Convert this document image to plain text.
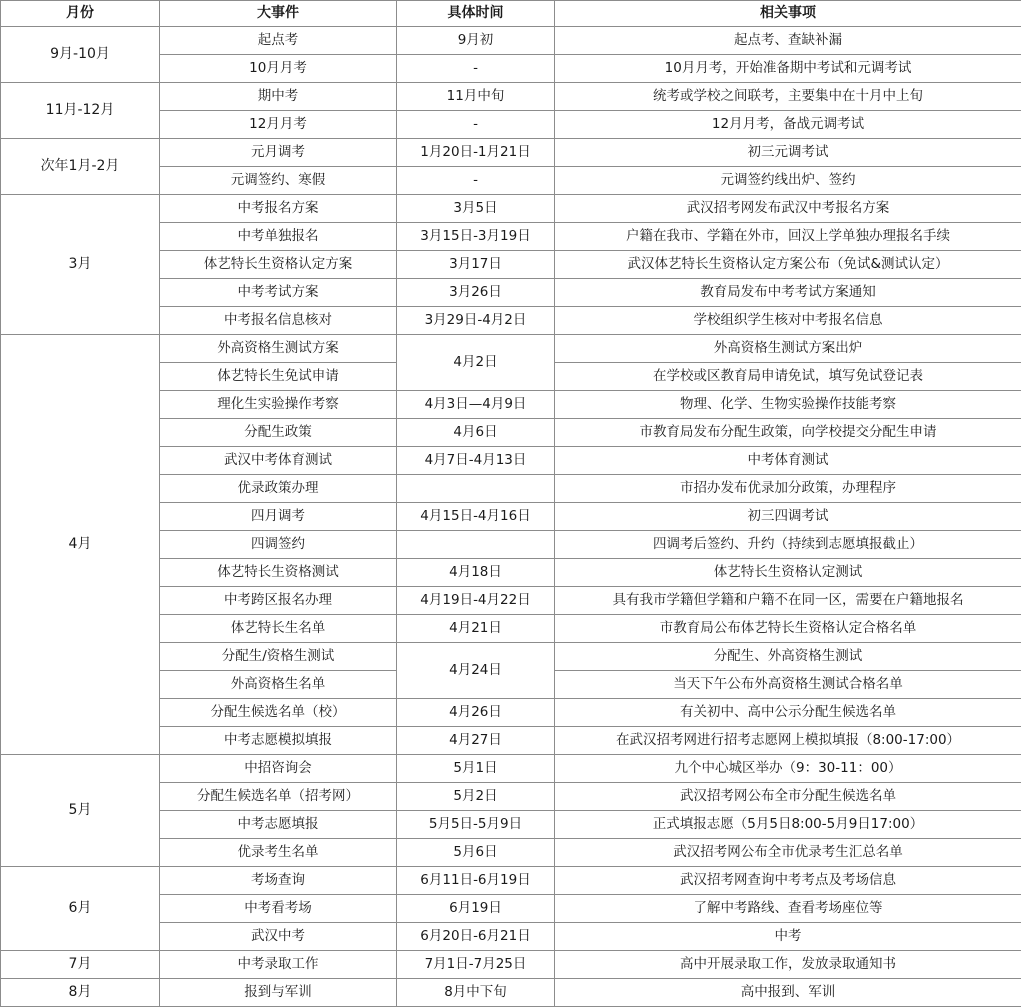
月份	大事件	具体时间	相关事项
9月-10月	起点考	9月初	起点考、查缺补漏
	10月月考	-	10月月考，开始准备期中考试和元调考试
11月-12月	期中考	11月中旬	统考或学校之间联考，主要集中在十月中上旬
	12月月考	-	12月月考，备战元调考试
次年1月-2月	元月调考	1月20日-1月21日	初三元调考试
	元调签约、寒假	-	元调签约线出炉、签约
3月	中考报名方案	3月5日	武汉招考网发布武汉中考报名方案
	中考单独报名	3月15日-3月19日	户籍在我市、学籍在外市，回汉上学单独办理报名手续
	体艺特长生资格认定方案	3月17日	武汉体艺特长生资格认定方案公布（免试&测试认定）
	中考考试方案	3月26日	教育局发布中考考试方案通知
	中考报名信息核对	3月29日-4月2日	学校组织学生核对中考报名信息
4月	外高资格生测试方案	4月2日	外高资格生测试方案出炉
	体艺特长生免试申请		在学校或区教育局申请免试，填写免试登记表
	理化生实验操作考察	4月3日—4月9日	物理、化学、生物实验操作技能考察
	分配生政策	4月6日	市教育局发布分配生政策，向学校提交分配生申请
	武汉中考体育测试	4月7日-4月13日	中考体育测试
	优录政策办理		市招办发布优录加分政策，办理程序
	四月调考	4月15日-4月16日	初三四调考试
	四调签约		四调考后签约、升约（持续到志愿填报截止）
	体艺特长生资格测试	4月18日	体艺特长生资格认定测试
	中考跨区报名办理	4月19日-4月22日	具有我市学籍但学籍和户籍不在同一区，需要在户籍地报名
	体艺特长生名单	4月21日	市教育局公布体艺特长生资格认定合格名单
	分配生/资格生测试	4月24日	分配生、外高资格生测试
	外高资格生名单		当天下午公布外高资格生测试合格名单
	分配生候选名单（校）	4月26日	有关初中、高中公示分配生候选名单
	中考志愿模拟填报	4月27日	在武汉招考网进行招考志愿网上模拟填报（8:00-17:00）
5月	中招咨询会	5月1日	九个中心城区举办（9：30-11：00）
	分配生候选名单（招考网）	5月2日	武汉招考网公布全市分配生候选名单
	中考志愿填报	5月5日-5月9日	正式填报志愿（5月5日8:00-5月9日17:00）
	优录考生名单	5月6日	武汉招考网公布全市优录考生汇总名单
6月	考场查询	6月11日-6月19日	武汉招考网查询中考考点及考场信息
	中考看考场	6月19日	了解中考路线、查看考场座位等
	武汉中考	6月20日-6月21日	中考
7月	中考录取工作	7月1日-7月25日	高中开展录取工作，发放录取通知书
8月	报到与军训	8月中下旬	高中报到、军训
